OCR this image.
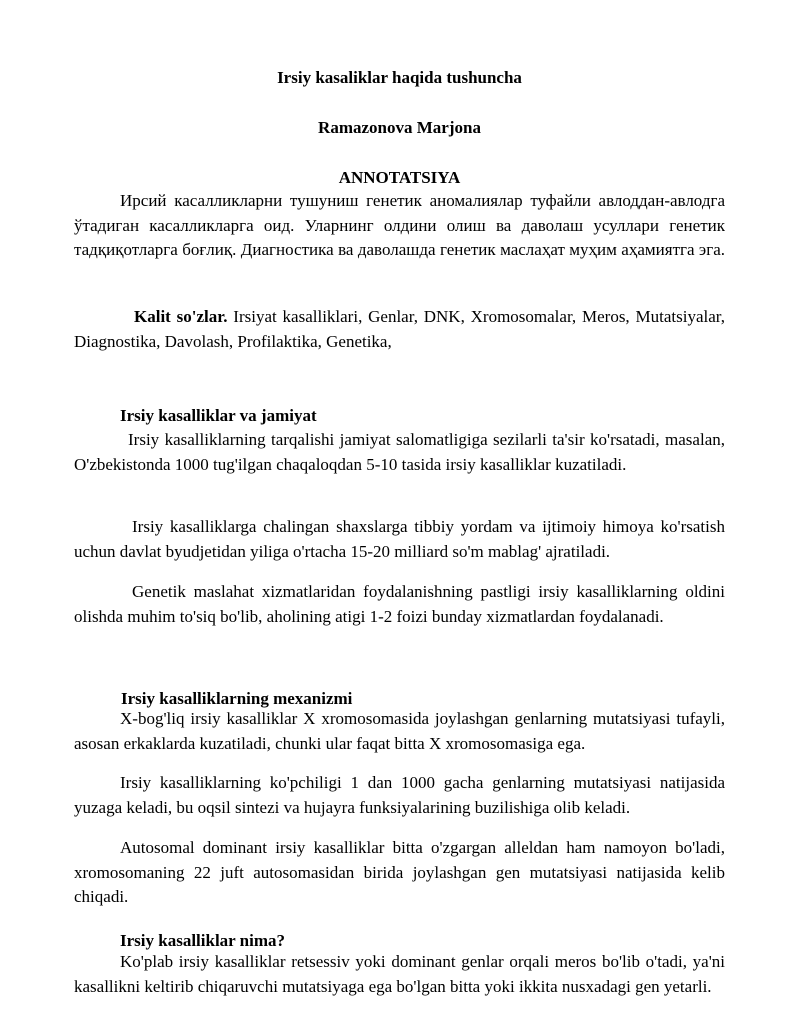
Irsiy kasaliklar haqida tushuncha
Ramazonova Marjona
ANNOTATSIYA
Ирсий касалликларни тушуниш генетик аномалиялар туфайли авлоддан-авлодга ўтадиган касалликларга оид. Уларнинг олдини олиш ва даволаш усуллари генетик тадқиқотларга боғлиқ. Диагностика ва даволашда генетик маслаҳат муҳим аҳамиятга эга.
Kalit so'zlar. Irsiyat kasalliklari, Genlar, DNK, Xromosomalar, Meros, Mutatsiyalar, Diagnostika, Davolash, Profilaktika, Genetika,
Irsiy kasalliklar va jamiyat
Irsiy kasalliklarning tarqalishi jamiyat salomatligiga sezilarli ta'sir ko'rsatadi, masalan, O'zbekistonda 1000 tug'ilgan chaqaloqdan 5-10 tasida irsiy kasalliklar kuzatiladi.
Irsiy kasalliklarga chalingan shaxslarga tibbiy yordam va ijtimoiy himoya ko'rsatish uchun davlat byudjetidan yiliga o'rtacha 15-20 milliard so'm mablag' ajratiladi.
Genetik maslahat xizmatlaridan foydalanishning pastligi irsiy kasalliklarning oldini olishda muhim to'siq bo'lib, aholining atigi 1-2 foizi bunday xizmatlardan foydalanadi.
Irsiy kasalliklarning mexanizmi
X-bog'liq irsiy kasalliklar X xromosomasida joylashgan genlarning mutatsiyasi tufayli, asosan erkaklarda kuzatiladi, chunki ular faqat bitta X xromosomasiga ega.
Irsiy kasalliklarning ko'pchiligi 1 dan 1000 gacha genlarning mutatsiyasi natijasida yuzaga keladi, bu oqsil sintezi va hujayra funksiyalarining buzilishiga olib keladi.
Autosomal dominant irsiy kasalliklar bitta o'zgargan alleldan ham namoyon bo'ladi, xromosomaning 22 juft autosomasidan birida joylashgan gen mutatsiyasi natijasida kelib chiqadi.
Irsiy kasalliklar nima?
Ko'plab irsiy kasalliklar retsessiv yoki dominant genlar orqali meros bo'lib o'tadi, ya'ni kasallikni keltirib chiqaruvchi mutatsiyaga ega bo'lgan bitta yoki ikkita nusxadagi gen yetarli.
